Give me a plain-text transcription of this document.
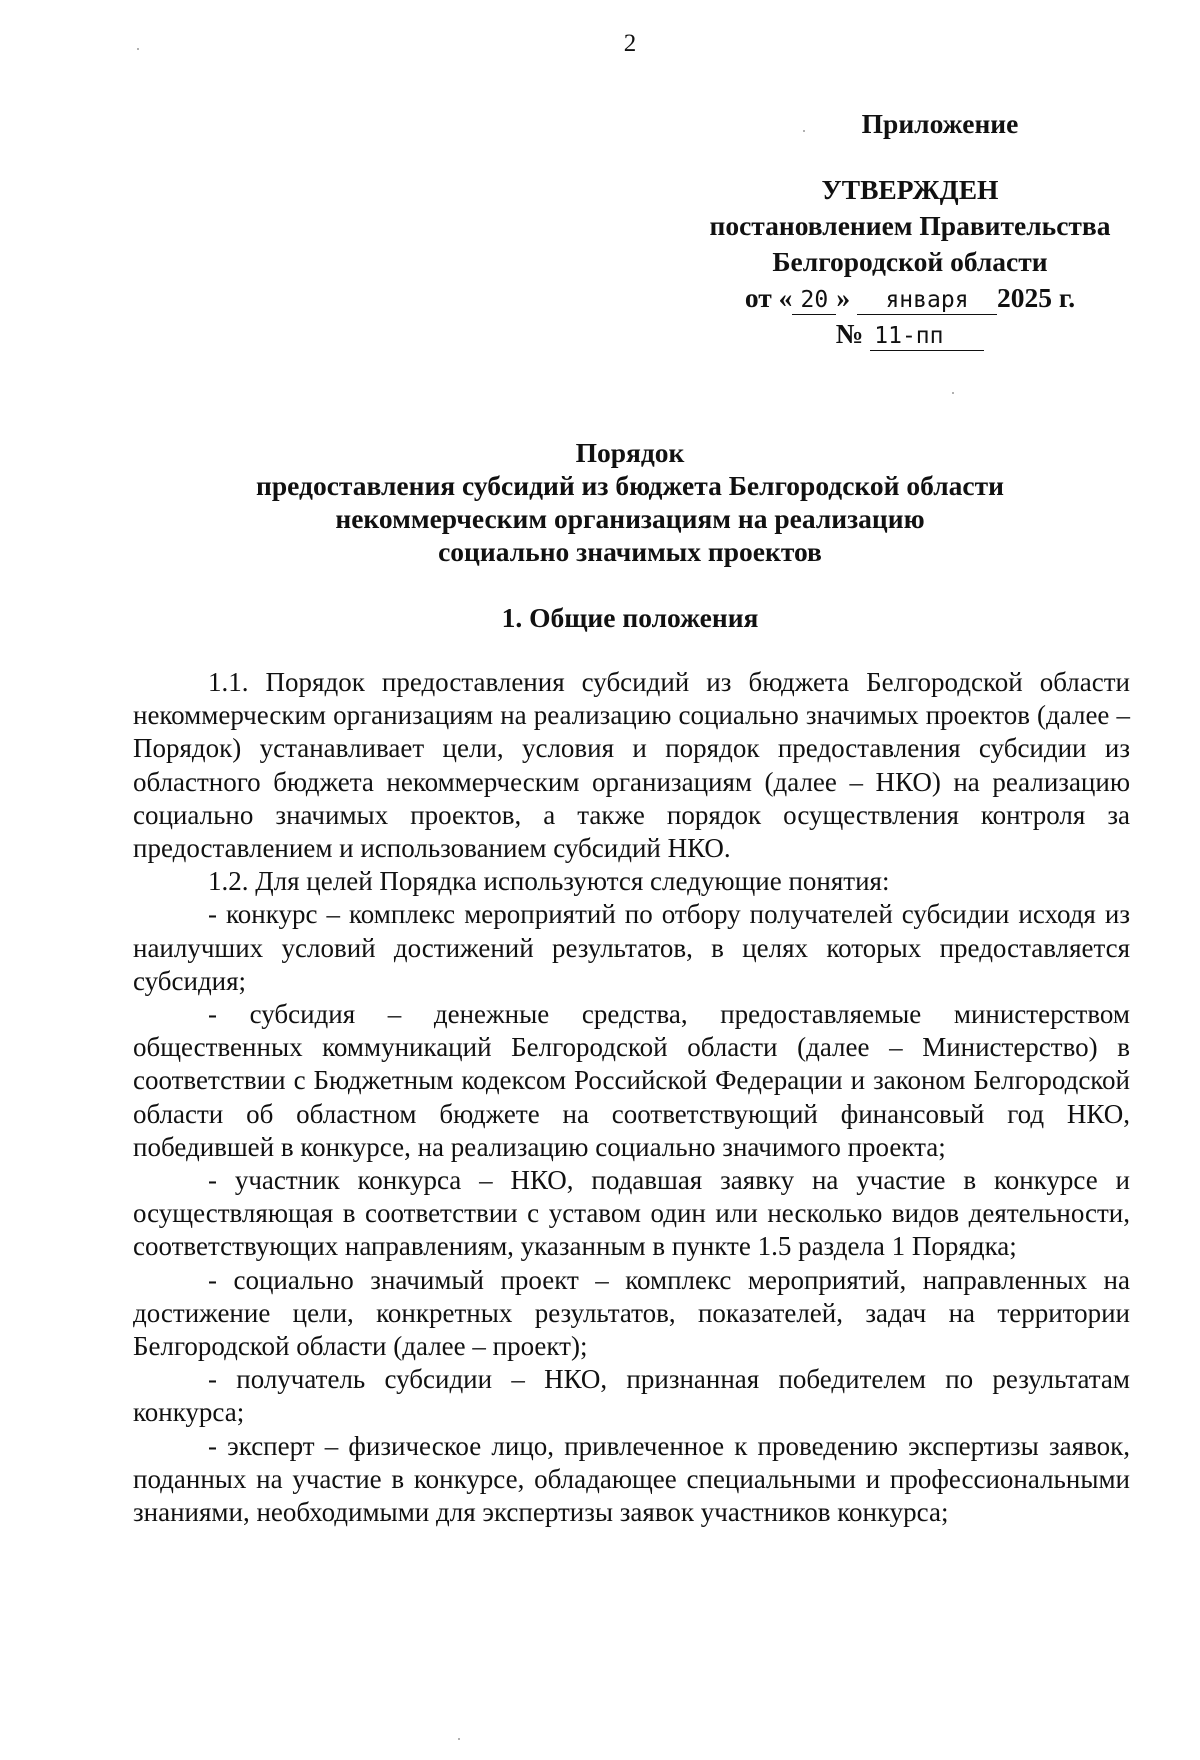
2
Приложение
УТВЕРЖДЕН
постановлением Правительства
Белгородской области
от « 20 » января 2025 г.
№ 11-пп
Порядок
предоставления субсидий из бюджета Белгородской области
некоммерческим организациям на реализацию
социально значимых проектов
1. Общие положения

1.1. Порядок предоставления субсидий из бюджета Белгородской области некоммерческим организациям на реализацию социально значимых проектов (далее – Порядок) устанавливает цели, условия и порядок предоставления субсидии из областного бюджета некоммерческим организациям (далее – НКО) на реализацию социально значимых проектов, а также порядок осуществления контроля за предоставлением и использованием субсидий НКО.

1.2. Для целей Порядка используются следующие понятия:

- конкурс – комплекс мероприятий по отбору получателей субсидии исходя из наилучших условий достижений результатов, в целях которых предоставляется субсидия;

- субсидия – денежные средства, предоставляемые министерством общественных коммуникаций Белгородской области (далее – Министерство) в соответствии с Бюджетным кодексом Российской Федерации и законом Белгородской области об областном бюджете на соответствующий финансовый год НКО, победившей в конкурсе, на реализацию социально значимого проекта;

- участник конкурса – НКО, подавшая заявку на участие в конкурсе и осуществляющая в соответствии с уставом один или несколько видов деятельности, соответствующих направлениям, указанным в пункте 1.5 раздела 1 Порядка;

- социально значимый проект – комплекс мероприятий, направленных на достижение цели, конкретных результатов, показателей, задач на территории Белгородской области (далее – проект);

- получатель субсидии – НКО, признанная победителем по результатам конкурса;

- эксперт – физическое лицо, привлеченное к проведению экспертизы заявок, поданных на участие в конкурсе, обладающее специальными и профессиональными знаниями, необходимыми для экспертизы заявок участников конкурса;
